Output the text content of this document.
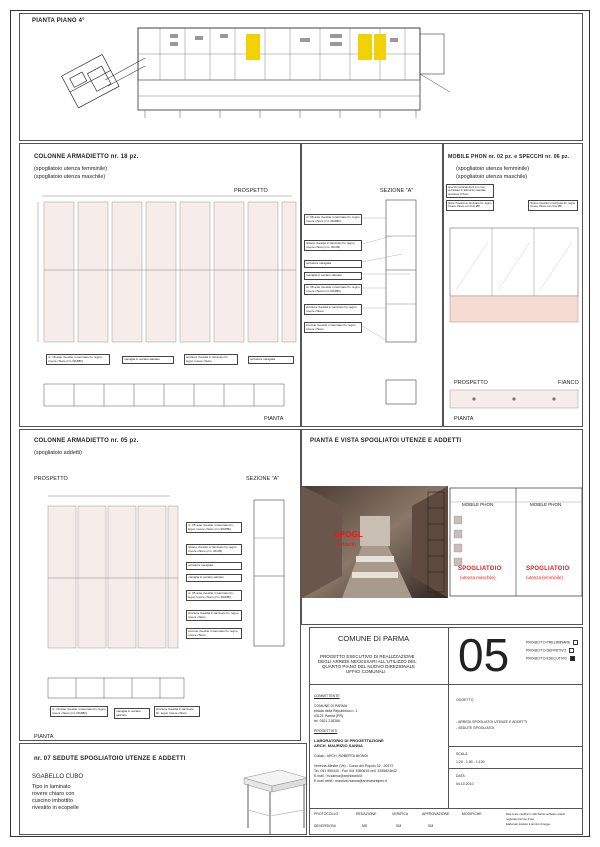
PIANTA PIANO 4°
COLONNE ARMADIETTO nr. 18 pz.
(spogliatoio utenza femminile)
(spogliatoio utenza maschile)
PROSPETTO
nr. 18 ante rivestite in laminato fin. legno rovere chiaro (cm 39x88h)	maniglia in acciaio satinato	struttura rivestita in laminato fin. legno rovere chiaro	serratura mangiala
PIANTA
nr. 08 ante rivestite in laminato fin. legno rovere chiaro (cm 39x88h)
ripiano rivestito in laminato fin. legno rovere chiaro (cm. 30x39)
serratura mangiala
maniglia in acciaio satinato
nr. 08 ante rivestite in laminato fin. legno rovere chiaro (cm 39x88h)
struttura rivestita in laminato fin. legno rovere chiaro
zoccolo rivestito in laminato fin. legno rovere chiaro
SEZIONE "A"
MOBILE PHON nr. 02 pz. e SPECCHI nr. 06 pz.
(spogliatoio utenza femminile)
(spogliatoio utenza maschile)
specchi verticali da 6 mm non verniciato in alluminio naturale spessore 0.5mm
piano rivestito in laminato fin. legno rovere chiaro con foro Ø8
ripiano rivestito in laminato fin. legno rovere chiaro con foro Ø8
PROSPETTO	FIANCO
PIANTA
COLONNE ARMADIETTO nr. 05 pz.
(spogliatoio addetti)
PROSPETTO	SEZIONE "A"
nr. 05 ante rivestite in laminato fin. legno rovere chiaro (cm 39x88h)
ripiano rivestito in laminato fin. legno rovere chiaro (cm. 30x39)
serratura mangiala
maniglia in acciaio satinato
nr. 05 ante rivestite in laminato fin. legno rovere chiaro (cm 39x88h)
struttura rivestita in laminato fin. legno rovere chiaro
zoccolo rivestito in laminato fin. legno rovere chiaro
nr. 10 ante rivestite in laminato fin. legno rovere chiaro (cm 39x88h)	maniglia in acciaio satinato
struttura rivestita in laminato fin. legno rovere chiaro
PIANTA
PIANTA E VISTA SPOGLIATOI UTENZE E ADDETTI
SPOGL
(addetti)
MOBILE PHON	MOBILE PHON
SPOGLIATOIO
(utenza maschile)
SPOGLIATOIO
(utenza femminile)
COMUNE DI PARMA
PROGETTO ESECUTIVO DI REALIZZAZIONE
DEGLI ARREDI NECESSARI ALL'UTILIZZO DEL
QUARTO PIANO DEL NUOVO DIREZIONALE
UFFICI COMUNALI 05	PROGETTO PRELIMINARE
PROGETTO DEFINITIVO
PROGETTO ESECUTIVO
COMMITTENTE
COMUNE DI PARMA
strada della Repubblica n. 1
43121 Parma (PR)
tel. 0521 218266
PROGETTISTI
LABORATORIO DI PROGETTAZIONE
ARCH. MAURIZIO SANNA
Collab.: ARCH. ROBERTA BIONDI
Venezia-Mestre (Ve) - Corso del Popolo 32 - 30172
Tel. 041 950440 - Fax 041 5350639 cell. 3395824642
E.mail : m.sanna@archiworld.it
E.mail certif.: maurizio.sanna@archiworldpec.it
OGGETTO
- ARREDI SPOGLIATOI UTENZE E ADDETTI
- SEDUTE SPOGLIATOI
SCALA
1:20 - 1:50 - 1:100
DATA
04.10.2010
PROTOCOLLO	REDAZIONE	VERIFICA	APPROVAZIONE	MODIFICHE
DEVERSIONI	MS	SM	SM
Dati coste multiformi utilizzando software quanti
registrato Norme d'uso
Elaborato tutelato a termini di legge
nr. 07 SEDUTE SPOGLIATOIO UTENZE E ADDETTI
SGABELLO CUBO
Tipo in laminato
rovere chiaro con
cuscino imbottito
rivestito in ecopelle
